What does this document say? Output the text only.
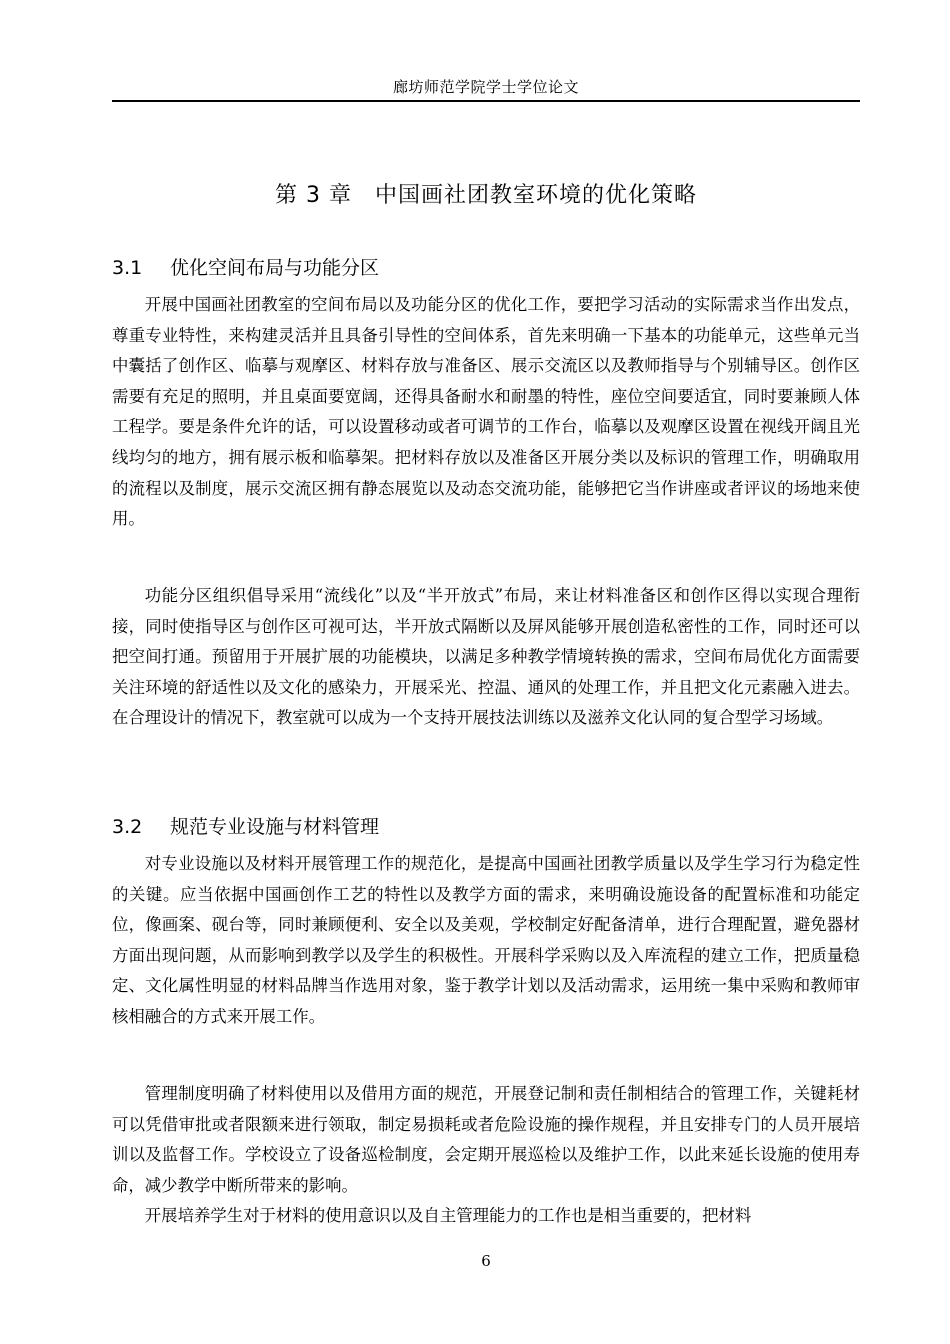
廊坊师范学院学士学位论文
第 3 章　中国画社团教室环境的优化策略
3.1 优化空间布局与功能分区

开展中国画社团教室的空间布局以及功能分区的优化工作，要把学习活动的实际需求当作出发点，尊重专业特性，来构建灵活并且具备引导性的空间体系，首先来明确一下基本的功能单元，这些单元当中囊括了创作区、临摹与观摩区、材料存放与准备区、展示交流区以及教师指导与个别辅导区。创作区需要有充足的照明，并且桌面要宽阔，还得具备耐水和耐墨的特性，座位空间要适宜，同时要兼顾人体工程学。要是条件允许的话，可以设置移动或者可调节的工作台，临摹以及观摩区设置在视线开阔且光线均匀的地方，拥有展示板和临摹架。把材料存放以及准备区开展分类以及标识的管理工作，明确取用的流程以及制度，展示交流区拥有静态展览以及动态交流功能，能够把它当作讲座或者评议的场地来使用。

功能分区组织倡导采用“流线化”以及“半开放式”布局，来让材料准备区和创作区得以实现合理衔接，同时使指导区与创作区可视可达，半开放式隔断以及屏风能够开展创造私密性的工作，同时还可以把空间打通。预留用于开展扩展的功能模块，以满足多种教学情境转换的需求，空间布局优化方面需要关注环境的舒适性以及文化的感染力，开展采光、控温、通风的处理工作，并且把文化元素融入进去。在合理设计的情况下，教室就可以成为一个支持开展技法训练以及滋养文化认同的复合型学习场域。

3.2 规范专业设施与材料管理

对专业设施以及材料开展管理工作的规范化，是提高中国画社团教学质量以及学生学习行为稳定性的关键。应当依据中国画创作工艺的特性以及教学方面的需求，来明确设施设备的配置标准和功能定位，像画案、砚台等，同时兼顾便利、安全以及美观，学校制定好配备清单，进行合理配置，避免器材方面出现问题，从而影响到教学以及学生的积极性。开展科学采购以及入库流程的建立工作，把质量稳定、文化属性明显的材料品牌当作选用对象，鉴于教学计划以及活动需求，运用统一集中采购和教师审核相融合的方式来开展工作。

管理制度明确了材料使用以及借用方面的规范，开展登记制和责任制相结合的管理工作，关键耗材可以凭借审批或者限额来进行领取，制定易损耗或者危险设施的操作规程，并且安排专门的人员开展培训以及监督工作。学校设立了设备巡检制度，会定期开展巡检以及维护工作，以此来延长设施的使用寿命，减少教学中断所带来的影响。

开展培养学生对于材料的使用意识以及自主管理能力的工作也是相当重要的，把材料

6
